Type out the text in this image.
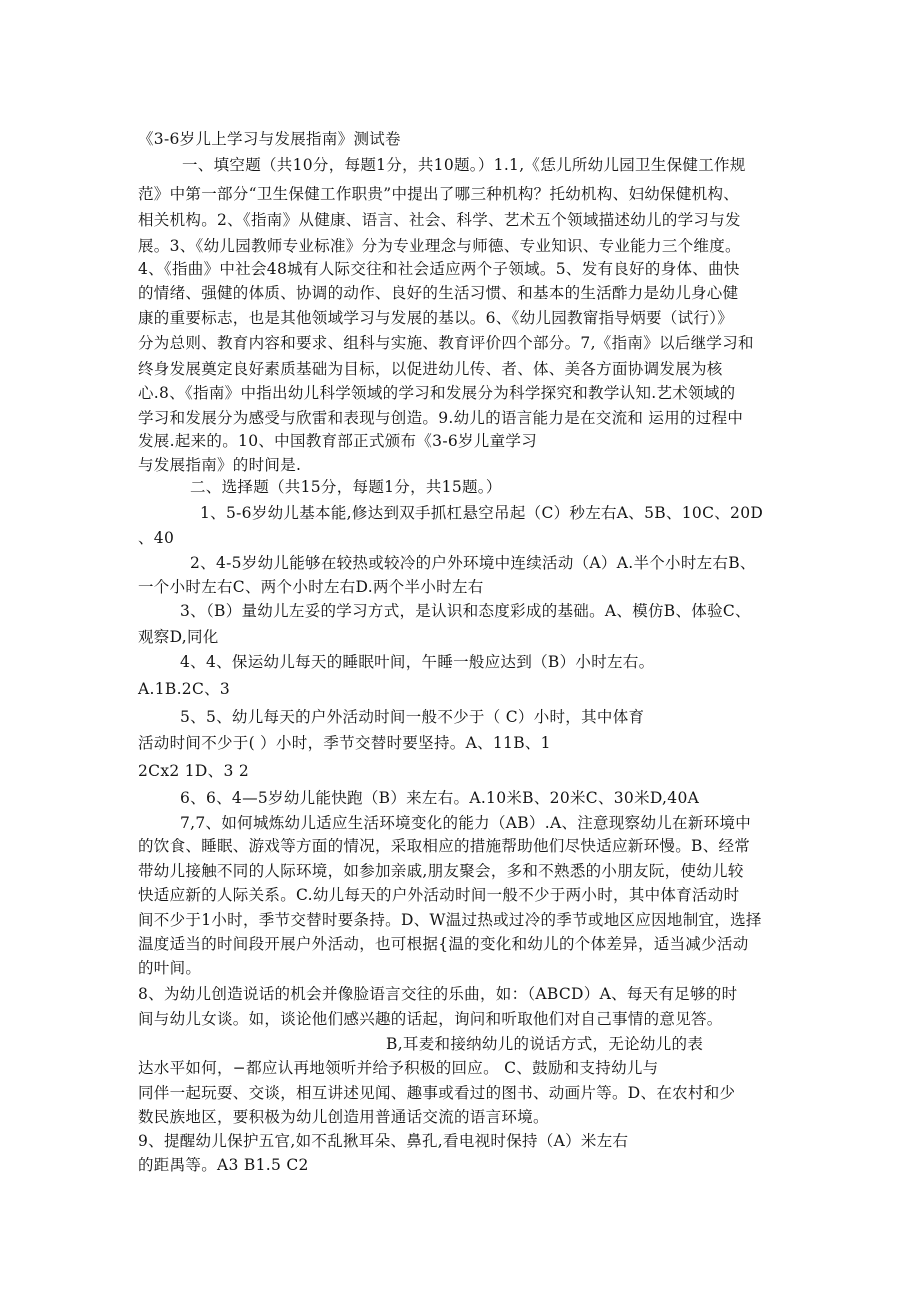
《3-6岁儿上学习与发展指南》测试卷
一、填空题（共10分，每题1分，共10题。）1.1,《恁儿所幼儿园卫生保健工作规
范》中第一部分“卫生保健工作职贵”中提出了哪三种机构？托幼机构、妇幼保健机构、
相关机构。2、《指南》从健康、语言、社会、科学、艺术五个领域描述幼儿的学习与发
展。3、《幼儿园教师专业标准》分为专业理念与师德、专业知识、专业能力三个维度。
4、《指曲》中社会48城有人际交往和社会适应两个子领域。5、发有良好的身体、曲快
的情绪、强健的体质、协调的动作、良好的生活习惯、和基本的生活酢力是幼儿身心健
康的重要标志，也是其他领域学习与发展的基以。6、《幼儿园教甯指导炳要（试行）》
分为总则、教育内容和要求、组科与实施、教育评价四个部分。7,《指南》以后继学习和
终身发展奠定良好素质基础为目标，以促进幼儿传、者、体、美各方面协调发展为核
心.8、《指南》中指出幼儿科学领域的学习和发展分为科学探究和教学认知.艺术领域的
学习和发展分为感受与欣雷和表现与创造。9.幼儿的语言能力是在交流和 运用的过程中
发展.起来的。10、中国教育部正式颁布《3-6岁儿童学习
与发展指南》的时间是.
二、选择题（共15分，每题1分，共15题。）
1、5-6岁幼儿基本能,修达到双手抓杠悬空吊起（C）秒左右A、5B、10C、20D
、40
2、4-5岁幼儿能够在较热或较冷的户外环境中连续活动（A）A.半个小时左右B、
一个小时左右C、两个小时左右D.两个半小时左右
3、（B）量幼儿左妥的学习方式，是认识和态度彩成的基础。A、模仿B、体验C、
观察D,同化
4、4、保运幼儿每天的睡眠叶间，午睡一般应达到（B）小时左右。
A.1B.2C、3
5、5、幼儿每天的户外活动时间一般不少于（ C）小时，其中体育
活动时间不少于( ）小时，季节交替时要坚持。A、11B、1
2Cx2 1D、3 2
6、6、4—5岁幼儿能快跑（B）来左右。A.10米B、20米C、30米D,40A
7,7、如何城炼幼儿适应生活环境变化的能力（AB）.A、注意现察幼儿在新环境中
的饮食、睡眠、游戏等方面的情况，采取相应的措施帮助他们尽快适应新环慢。B、经常
带幼儿接触不同的人际环境，如参加亲戚,朋友聚会，多和不熟悉的小朋友阮，使幼儿较
快适应新的人际关系。C.幼儿每天的户外活动时间一般不少于两小时，其中体育活动时
间不少于1小时，季节交替时要条持。D、W温过热或过冷的季节或地区应因地制宜，选择
温度适当的时间段开展户外活动，也可根据{温的变化和幼儿的个体差异，适当减少活动
的叶间。
8、为幼儿创造说话的机会并像脸语言交往的乐曲，如：（ABCD）A、每天有足够的时
间与幼儿女谈。如，谈论他们感兴趣的话起，询问和听取他们对自己事情的意见答。
B,耳麦和接纳幼儿的说话方式，无论幼儿的表
达水平如何，−都应认再地领听并给予积极的回应。 C、鼓励和支持幼儿与
同伴一起玩耍、交谈，相互讲述见闻、趣事或看过的图书、动画片等。D、在农村和少
数民族地区，要积极为幼儿创造用普通话交流的语言环境。
9、提醒幼儿保护五官,如不乱揪耳朵、鼻孔,看电视时保持（A）米左右
的距禺等。A3 B1.5 C2
